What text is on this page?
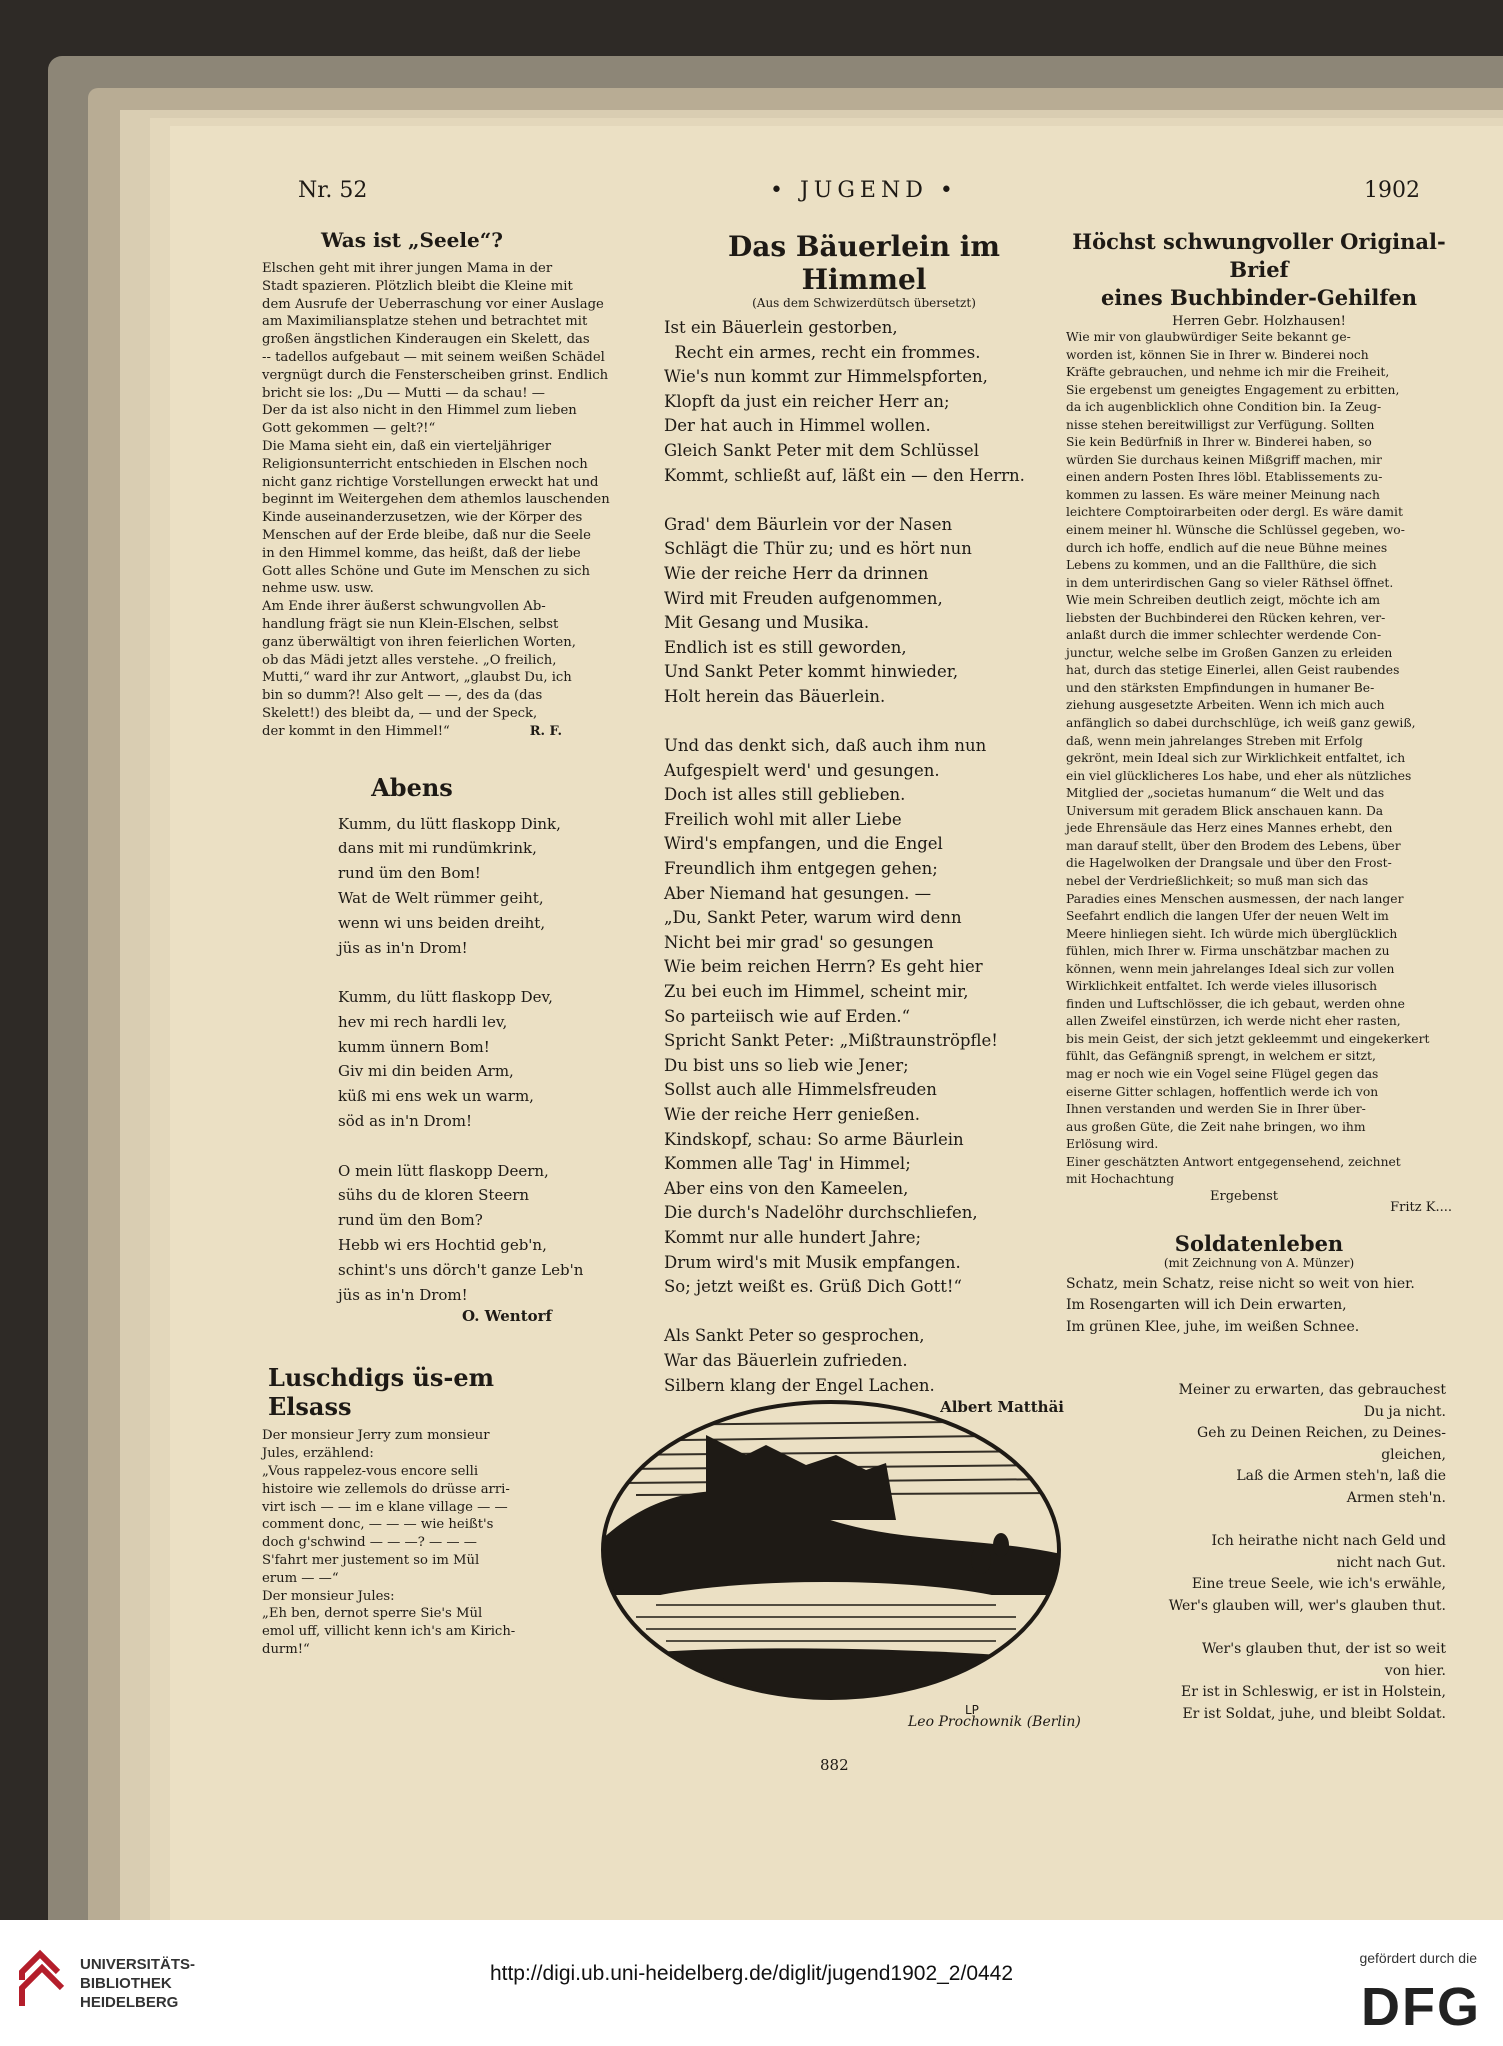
Nr. 52	• JUGEND •	1902
Was ist „Seele“?
Elschen geht mit ihrer jungen Mama in der
Stadt spazieren. Plötzlich bleibt die Kleine mit
dem Ausrufe der Ueberraschung vor einer Auslage
am Maximiliansplatze stehen und betrachtet mit
großen ängstlichen Kinderaugen ein Skelett, das
-- tadellos aufgebaut — mit seinem weißen Schädel
vergnügt durch die Fensterscheiben grinst. Endlich
bricht sie los: „Du — Mutti — da schau! —
Der da ist also nicht in den Himmel zum lieben
Gott gekommen — gelt?!“
Die Mama sieht ein, daß ein vierteljähriger
Religionsunterricht entschieden in Elschen noch
nicht ganz richtige Vorstellungen erweckt hat und
beginnt im Weitergehen dem athemlos lauschenden
Kinde auseinanderzusetzen, wie der Körper des
Menschen auf der Erde bleibe, daß nur die Seele
in den Himmel komme, das heißt, daß der liebe
Gott alles Schöne und Gute im Menschen zu sich
nehme usw. usw.
Am Ende ihrer äußerst schwungvollen Ab-
handlung frägt sie nun Klein-Elschen, selbst
ganz überwältigt von ihren feierlichen Worten,
ob das Mädi jetzt alles verstehe. „O freilich,
Mutti,“ ward ihr zur Antwort, „glaubst Du, ich
bin so dumm?! Also gelt — —, des da (das
Skelett!) des bleibt da, — und der Speck,
der kommt in den Himmel!“	R. F.
Abens
Kumm, du lütt flaskopp Dink,
dans mit mi rundümkrink,
rund üm den Bom!
Wat de Welt rümmer geiht,
wenn wi uns beiden dreiht,
jüs as in'n Drom!

Kumm, du lütt flaskopp Dev,
hev mi rech hardli lev,
kumm ünnern Bom!
Giv mi din beiden Arm,
küß mi ens wek un warm,
söd as in'n Drom!

O mein lütt flaskopp Deern,
sühs du de kloren Steern
rund üm den Bom?
Hebb wi ers Hochtid geb'n,
schint's uns dörch't ganze Leb'n
jüs as in'n Drom!
O. Wentorf
Luschdigs üs-em Elsass
Der monsieur Jerry zum monsieur
Jules, erzählend:
„Vous rappelez-vous encore selli
histoire wie zellemols do drüsse arri-
virt isch — — im e klane village — —
comment donc, — — — wie heißt's
doch g'schwind — — —? — — —
S'fahrt mer justement so im Mül
erum — —“
Der monsieur Jules:
„Eh ben, dernot sperre Sie's Mül
emol uff, villicht kenn ich's am Kirich-
durm!“
Das Bäuerlein im Himmel
(Aus dem Schwizerdütsch übersetzt)
Ist ein Bäuerlein gestorben,
Recht ein armes, recht ein frommes.
Wie's nun kommt zur Himmelspforten,
Klopft da just ein reicher Herr an;
Der hat auch in Himmel wollen.
Gleich Sankt Peter mit dem Schlüssel
Kommt, schließt auf, läßt ein — den Herrn.

Grad' dem Bäurlein vor der Nasen
Schlägt die Thür zu; und es hört nun
Wie der reiche Herr da drinnen
Wird mit Freuden aufgenommen,
Mit Gesang und Musika.
Endlich ist es still geworden,
Und Sankt Peter kommt hinwieder,
Holt herein das Bäuerlein.

Und das denkt sich, daß auch ihm nun
Aufgespielt werd' und gesungen.
Doch ist alles still geblieben.
Freilich wohl mit aller Liebe
Wird's empfangen, und die Engel
Freundlich ihm entgegen gehen;
Aber Niemand hat gesungen. —
„Du, Sankt Peter, warum wird denn
Nicht bei mir grad' so gesungen
Wie beim reichen Herrn? Es geht hier
Zu bei euch im Himmel, scheint mir,
So parteiisch wie auf Erden.“
Spricht Sankt Peter: „Mißtraunströpfle!
Du bist uns so lieb wie Jener;
Sollst auch alle Himmelsfreuden
Wie der reiche Herr genießen.
Kindskopf, schau: So arme Bäurlein
Kommen alle Tag' in Himmel;
Aber eins von den Kameelen,
Die durch's Nadelöhr durchschliefen,
Kommt nur alle hundert Jahre;
Drum wird's mit Musik empfangen.
So; jetzt weißt es. Grüß Dich Gott!“

Als Sankt Peter so gesprochen,
War das Bäuerlein zufrieden.
Silbern klang der Engel Lachen.
Albert Matthäi
Höchst schwungvoller Original-Brief
eines Buchbinder-Gehilfen
Herren Gebr. Holzhausen!
Wie mir von glaubwürdiger Seite bekannt ge-
worden ist, können Sie in Ihrer w. Binderei noch
Kräfte gebrauchen, und nehme ich mir die Freiheit,
Sie ergebenst um geneigtes Engagement zu erbitten,
da ich augenblicklich ohne Condition bin. Ia Zeug-
nisse stehen bereitwilligst zur Verfügung. Sollten
Sie kein Bedürfniß in Ihrer w. Binderei haben, so
würden Sie durchaus keinen Mißgriff machen, mir
einen andern Posten Ihres löbl. Etablissements zu-
kommen zu lassen. Es wäre meiner Meinung nach
leichtere Comptoirarbeiten oder dergl. Es wäre damit
einem meiner hl. Wünsche die Schlüssel gegeben, wo-
durch ich hoffe, endlich auf die neue Bühne meines
Lebens zu kommen, und an die Fallthüre, die sich
in dem unterirdischen Gang so vieler Räthsel öffnet.
Wie mein Schreiben deutlich zeigt, möchte ich am
liebsten der Buchbinderei den Rücken kehren, ver-
anlaßt durch die immer schlechter werdende Con-
junctur, welche selbe im Großen Ganzen zu erleiden
hat, durch das stetige Einerlei, allen Geist raubendes
und den stärksten Empfindungen in humaner Be-
ziehung ausgesetzte Arbeiten. Wenn ich mich auch
anfänglich so dabei durchschlüge, ich weiß ganz gewiß,
daß, wenn mein jahrelanges Streben mit Erfolg
gekrönt, mein Ideal sich zur Wirklichkeit entfaltet, ich
ein viel glücklicheres Los habe, und eher als nützliches
Mitglied der „societas humanum“ die Welt und das
Universum mit geradem Blick anschauen kann. Da
jede Ehrensäule das Herz eines Mannes erhebt, den
man darauf stellt, über den Brodem des Lebens, über
die Hagelwolken der Drangsale und über den Frost-
nebel der Verdrießlichkeit; so muß man sich das
Paradies eines Menschen ausmessen, der nach langer
Seefahrt endlich die langen Ufer der neuen Welt im
Meere hinliegen sieht. Ich würde mich überglücklich
fühlen, mich Ihrer w. Firma unschätzbar machen zu
können, wenn mein jahrelanges Ideal sich zur vollen
Wirklichkeit entfaltet. Ich werde vieles illusorisch
finden und Luftschlösser, die ich gebaut, werden ohne
allen Zweifel einstürzen, ich werde nicht eher rasten,
bis mein Geist, der sich jetzt gekleemmt und eingekerkert
fühlt, das Gefängniß sprengt, in welchem er sitzt,
mag er noch wie ein Vogel seine Flügel gegen das
eiserne Gitter schlagen, hoffentlich werde ich von
Ihnen verstanden und werden Sie in Ihrer über-
aus großen Güte, die Zeit nahe bringen, wo ihm
Erlösung wird.
Einer geschätzten Antwort entgegensehend, zeichnet
mit Hochachtung
Ergebenst
Fritz K....
Soldatenleben
(mit Zeichnung von A. Münzer)
Schatz, mein Schatz, reise nicht so weit von hier.
Im Rosengarten will ich Dein erwarten,
Im grünen Klee, juhe, im weißen Schnee.
Meiner zu erwarten, das gebrauchest
Du ja nicht.
Geh zu Deinen Reichen, zu Deines-
gleichen,
Laß die Armen steh'n, laß die
Armen steh'n.

Ich heirathe nicht nach Geld und
nicht nach Gut.
Eine treue Seele, wie ich's erwähle,
Wer's glauben will, wer's glauben thut.

Wer's glauben thut, der ist so weit
von hier.
Er ist in Schleswig, er ist in Holstein,
Er ist Soldat, juhe, und bleibt Soldat.
LP
Leo Prochownik (Berlin)
882
UNIVERSITÄTS-
BIBLIOTHEK
HEIDELBERG
http://digi.ub.uni-heidelberg.de/diglit/jugend1902_2/0442
gefördert durch die
DFG
